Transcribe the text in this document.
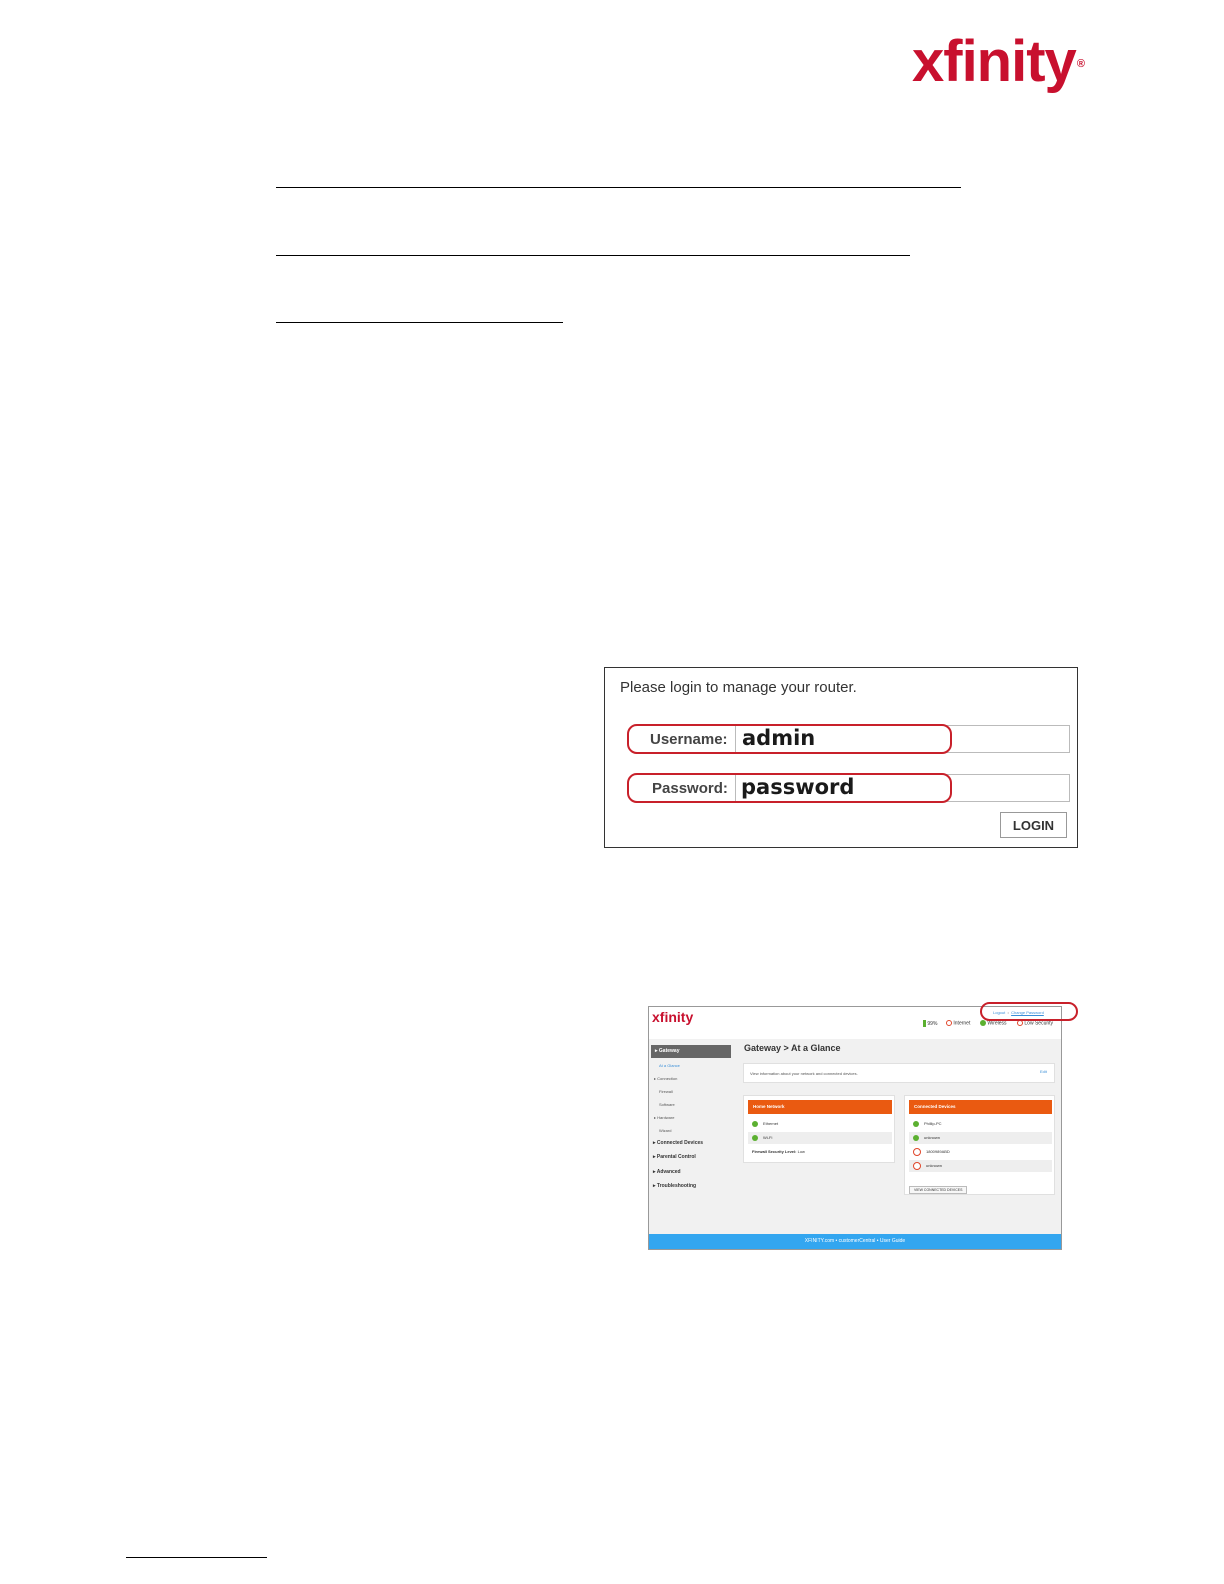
xfinity®
Please login to manage your router.
Username: admin
Password: password
LOGIN
xfinity	Logout  •  Change Password
99%	Internet	Wireless	Low Security
▸ Gateway
At a Glance
▸ Connection
Firewall
Software
▸ Hardware
Wizard
▸ Connected Devices
▸ Parental Control
▸ Advanced
▸ Troubleshooting
Gateway > At a Glance
View information about your network and connected devices.	Edit
Home Network
Ethernet
Wi-Fi
Firewall Security Level: Low
Connected Devices
Phillip-PC
unknown
1800989ABD
unknown
VIEW CONNECTED DEVICES
XFINITY.com • customerCentral • User Guide
